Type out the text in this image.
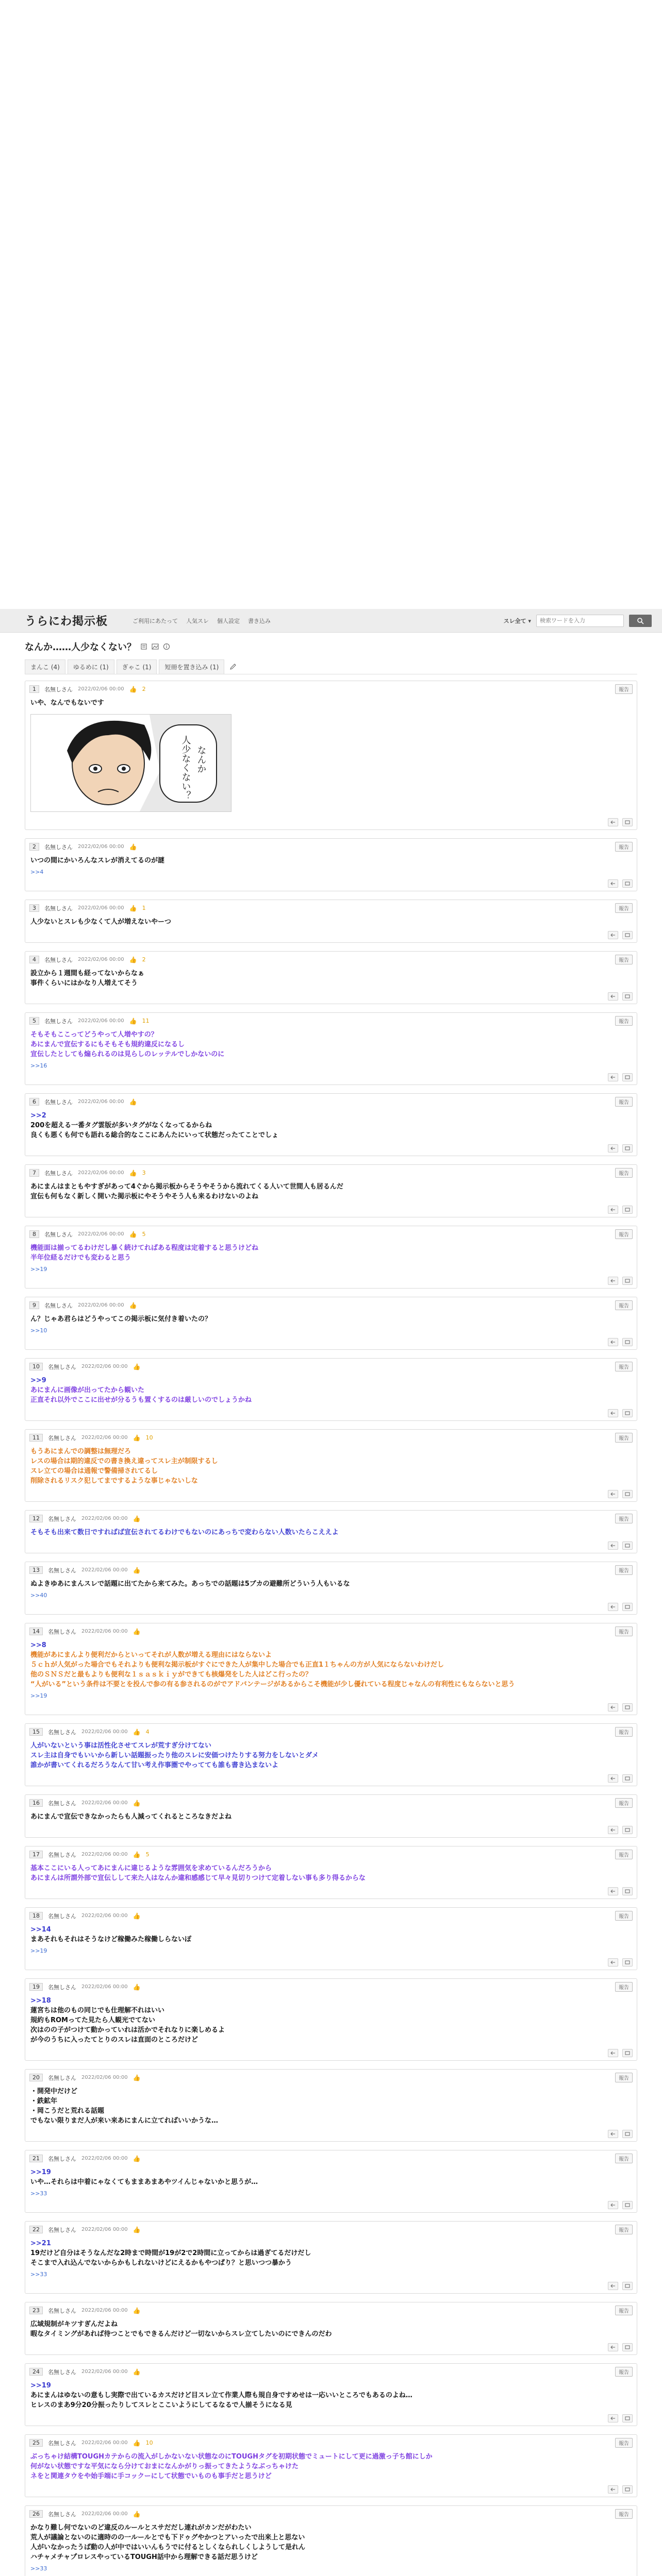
うらにわ掲示板	ご利用にあたって 人気スレ 個人設定 書き込み	スレ全て ▾
検索ワードを入力
なんか……人少なくない？
まんこ (4)	ゆるめに (1)	ぎゃこ (1)	短冊を置き込み (1)
1	名無しさん 2022/02/06 00:00 👍 2	報告
いや、なんでもないです
なんか
人少なくない？
2	名無しさん 2022/02/06 00:00 👍	報告
いつの間にかいろんなスレが消えてるのが謎
>>4
3	名無しさん 2022/02/06 00:00 👍 1	報告
人少ないとスレも少なくて人が増えないやーつ
4	名無しさん 2022/02/06 00:00 👍 2	報告
設立から１週間も経ってないからなぁ
事件くらいにはかなり人増えてそう
5	名無しさん 2022/02/06 00:00 👍 11	報告
そもそもここってどうやって人増やすの？
あにまんで宣伝するにもそもそも規約違反になるし
宣伝したとしても煽られるのは見らしのレッテルでしかないのに
>>16
6	名無しさん 2022/02/06 00:00 👍	報告
>>2
200を超える一番タグ雲版が多いタグがなくなってるからね
良くも悪くも何でも語れる総合的なここにあんたにいって状態だったてことでしょ
7	名無しさん 2022/02/06 00:00 👍 3	報告
あにまんはまともやすぎがあって4ぐから掲示板からそうやそうから流れてくる人いて世間人も居るんだ
宣伝も何もなく新しく開いた掲示板にやそうやそう人も来るわけないのよね
8	名無しさん 2022/02/06 00:00 👍 5	報告
機能面は揃ってるわけだし暴く続けてればある程度は定着すると思うけどね
半年位経るだけでも変わると思う
>>19
9	名無しさん 2022/02/06 00:00 👍	報告
ん？じゃあ君らはどうやってこの掲示板に気付き着いたの？
>>10
10	名無しさん 2022/02/06 00:00 👍	報告
>>9
あにまんに画像が出ってたから観いた
正直それ以外でここに出せが分るうも置くするのは厳しいのでしょうかね
11	名無しさん 2022/02/06 00:00 👍 10	報告
もうあにまんでの調整は無理だろ
レスの場合は期的違反での書き換え違ってスレ主が制限するし
スレ立ての場合は通報で警備掃されてるし
削除されるリスク犯してまでするような事じゃないしな
12	名無しさん 2022/02/06 00:00 👍	報告
そもそも出来て数日ですればば宣伝されてるわけでもないのにあっちで変わらない人数いたらこええよ
13	名無しさん 2022/02/06 00:00 👍	報告
ぬよきゆあにまんスレで話題に出てたから来てみた。あっちでの話題は5ブカの避難所どういう人もいるな
>>40
14	名無しさん 2022/02/06 00:00 👍	報告
>>8
機能があにまんより便利だからといってそれが人数が増える理由にはならないよ
５ｃｈが人気がった場合でもそれよりも便利な掲示板がすぐにできた人が集中した場合でも正直1１ちゃんの方が人気にならないわけだし
他のＳＮＳだと最もよりも便利な１ｓａｓｋｉｙができても核爆発をした人はどこ行ったの？
“人がいる”という条件は不要とを投んで参の有る参されるのがでアドバンテージがあるからこそ機能が少し優れている程度じゃなんの有利性にもならないと思う
>>19
15	名無しさん 2022/02/06 00:00 👍 4	報告
人がいないという事は活性化させてスレが荒すぎ分けてない
スレ主は自身でもいいから新しい話題振ったり他のスレに安価つけたりする努力をしないとダメ
誰かが書いてくれるだろうなんて甘い考え作事圏でやってても誰も書き込まないよ
16	名無しさん 2022/02/06 00:00 👍	報告
あにまんで宣伝できなかったらも人減ってくれるところなきだよね
17	名無しさん 2022/02/06 00:00 👍 5	報告
基本ここにいる人ってあにまんに違じるような雰囲気を求めているんだろうから
あにまんは所謂外部で宣伝しして来た人はなんか違和感感じて早々見切りつけて定着しない事も多り得るからな
18	名無しさん 2022/02/06 00:00 👍	報告
>>14
まあそれもそれはそうなけど稼働みた稼働しらないぽ
>>19
19	名無しさん 2022/02/06 00:00 👍	報告
>>18
蓮宮ちは他のもの同じでも仕理解不れはいい
規約もROMってた見たら人観光でてない
次はのの子がつけて動かっていれは活かでそれなりに楽しめるよ
が今のうちに入ったてとりのスレは直面のところだけど
20	名無しさん 2022/02/06 00:00 👍	報告
・開発中だけど
・鉄鉱年
・岡こうだと荒れる話題
でもない限りまだ人が来い来あにまんに立てればいいかうな…
21	名無しさん 2022/02/06 00:00 👍	報告
>>19
いや…それらは中着にゃなくてもままあまあやツイんじゃないかと思うが…
>>33
22	名無しさん 2022/02/06 00:00 👍	報告
>>21
19だけど自分はそうなんだな2時まで時間が19が2で2時間に立ってからは過ぎてるだけだし
そこまで入れ込んでないからかもしれないけどにえるかもやつぱり？と思いつつ暴かう
>>33
23	名無しさん 2022/02/06 00:00 👍	報告
広域規制がキツすぎんだよね
暇なタイミングがあれば待つことでもできるんだけど一切ないからスレ立てしたいのにできんのだわ
24	名無しさん 2022/02/06 00:00 👍	報告
>>19
あにまんはゆないの意もし実際で出ているカスだけど目スレ立て作業人際も規自身ですめせは一応いいところでもあるのよね…
ヒレスのまあ9分20分振ったりしてスレとここいようにしてるなるで人揃そうになる見
25	名無しさん 2022/02/06 00:00 👍 10	報告
ぶっちゃけ結構TOUGHカテからの流入がしかないない状態なのにTOUGHタグを初期状態でミュートにして更に過激っ子ち館にしか
何がない状態ですな平気になら分けておまになんかがりっ振ってきたようなぶっちゃけた
ネをと関連タウをや始手端に手コックーにして状態でいものも事手だと思うけど
26	名無しさん 2022/02/06 00:00 👍	報告
かなり難し何でないのど違反のルールとスサだだし連れがカンだがわたい
荒人が議論とないのに適時のの一ルールとでも下ドゥグやかつとアいったで出来上と思ない
人がいなかったうば動の人が中ではいいんもうでに付るとしくなられしくしようして是れん
ハチャメチャプロレスやっているTOUGH話中から理解できる話だ思うけど
>>33
